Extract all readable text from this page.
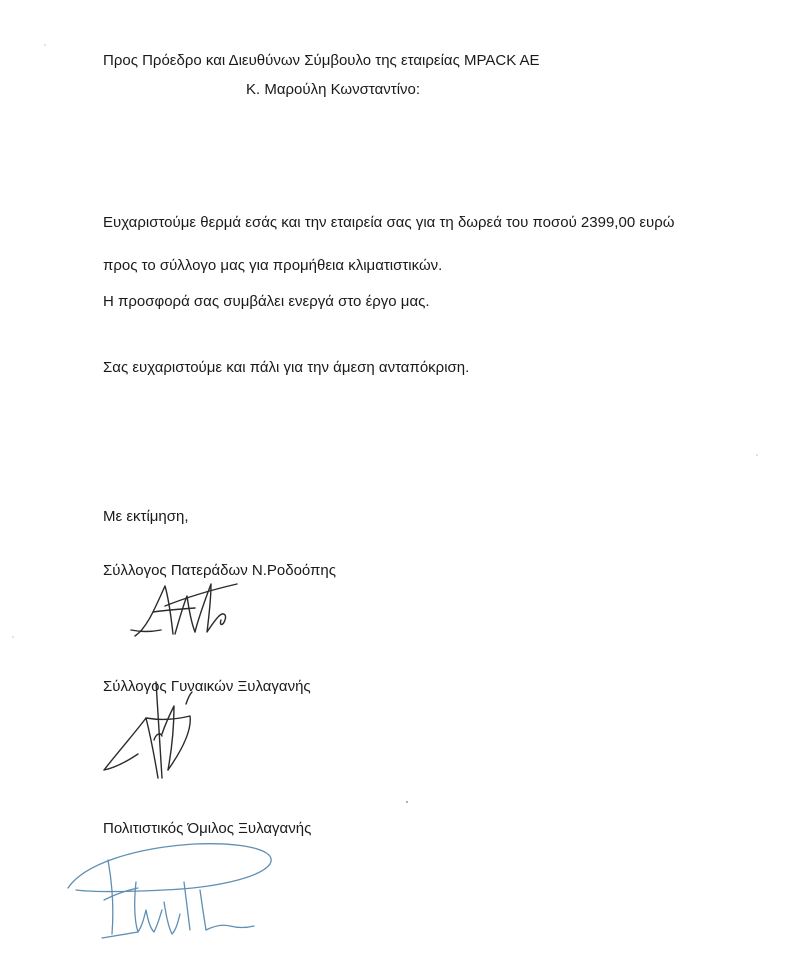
Προς Πρόεδρο και Διευθύνων Σύμβουλο της εταιρείας ΜΡΑCK AE
Κ. Μαρούλη Κωνσταντίνο:
Ευχαριστούμε θερμά εσάς και την εταιρεία σας για τη δωρεά του ποσού 2399,00 ευρώ
προς το σύλλογο μας για προμήθεια κλιματιστικών.
Η προσφορά σας συμβάλει ενεργά στο έργο μας.
Σας ευχαριστούμε και πάλι για την άμεση ανταπόκριση.
Με εκτίμηση,
Σύλλογος Πατεράδων Ν.Ροδοόπης
Σύλλογος Γυναικών Ξυλαγανής
Πολιτιστικός Όμιλος Ξυλαγανής
